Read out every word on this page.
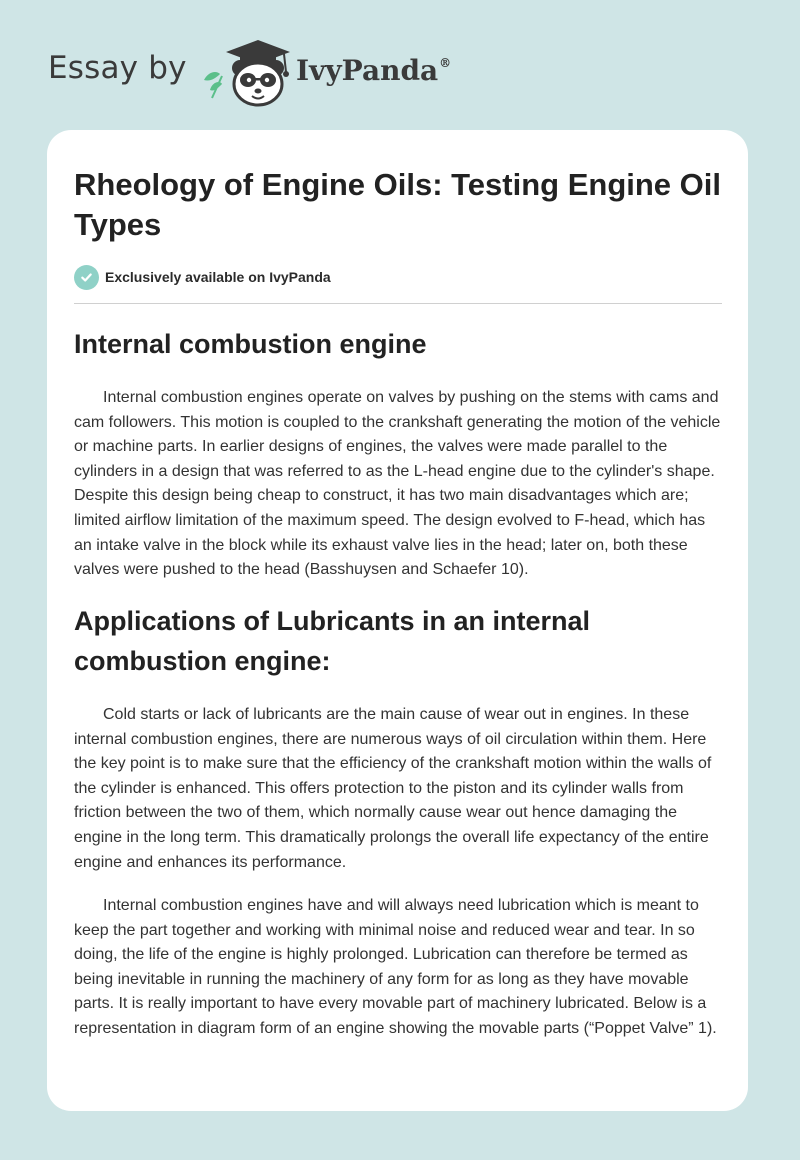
Essay by	IvyPanda®
Rheology of Engine Oils: Testing Engine Oil Types
Exclusively available on IvyPanda
Internal combustion engine

Internal combustion engines operate on valves by pushing on the stems with cams and cam followers. This motion is coupled to the crankshaft generating the motion of the vehicle or machine parts. In earlier designs of engines, the valves were made parallel to the cylinders in a design that was referred to as the L-head engine due to the cylinder's shape. Despite this design being cheap to construct, it has two main disadvantages which are; limited airflow limitation of the maximum speed. The design evolved to F-head, which has an intake valve in the block while its exhaust valve lies in the head; later on, both these valves were pushed to the head (Basshuysen and Schaefer 10).

Applications of Lubricants in an internal combustion engine:

Cold starts or lack of lubricants are the main cause of wear out in engines. In these internal combustion engines, there are numerous ways of oil circulation within them. Here the key point is to make sure that the efficiency of the crankshaft motion within the walls of the cylinder is enhanced. This offers protection to the piston and its cylinder walls from friction between the two of them, which normally cause wear out hence damaging the engine in the long term. This dramatically prolongs the overall life expectancy of the entire engine and enhances its performance.

Internal combustion engines have and will always need lubrication which is meant to keep the part together and working with minimal noise and reduced wear and tear. In so doing, the life of the engine is highly prolonged. Lubrication can therefore be termed as being inevitable in running the machinery of any form for as long as they have movable parts. It is really important to have every movable part of machinery lubricated. Below is a representation in diagram form of an engine showing the movable parts (“Poppet Valve” 1).
